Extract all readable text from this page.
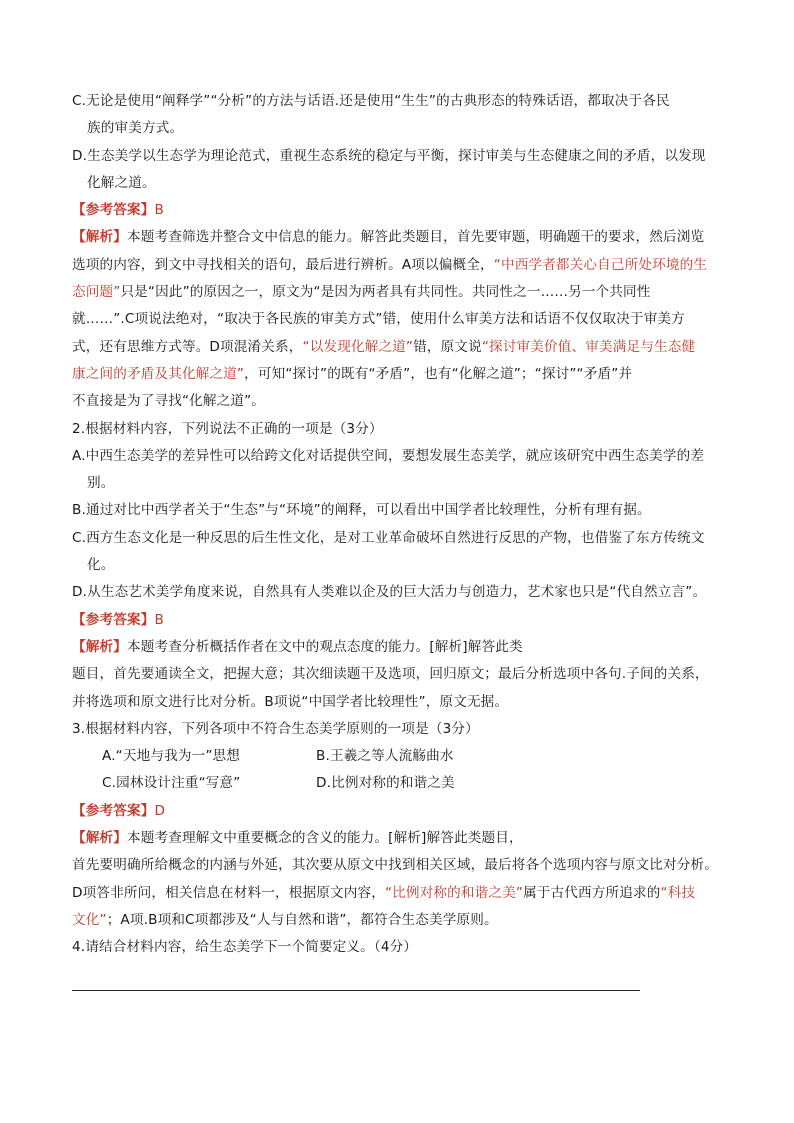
C.无论是使用“阐释学”“分析”的方法与话语.还是使用“生生”的古典形态的特殊话语，都取决于各民
族的审美方式。
D.生态美学以生态学为理论范式，重视生态系统的稳定与平衡，探讨审美与生态健康之间的矛盾，以发现
化解之道。
【参考答案】B
【解析】本题考查筛选并整合文中信息的能力。解答此类题目，首先要审题，明确题干的要求，然后浏览
选项的内容，到文中寻找相关的语句，最后进行辨析。A项以偏概全，“中西学者都关心自己所处环境的生
态问题”只是“因此”的原因之一，原文为“是因为两者具有共同性。共同性之一……另一个共同性
就……”.C项说法绝对，“取决于各民族的审美方式”错，使用什么审美方法和话语不仅仅取决于审美方
式，还有思维方式等。D项混淆关系，“以发现化解之道”错，原文说“探讨审美价值、审美满足与生态健
康之间的矛盾及其化解之道”，可知“探讨”的既有“矛盾”，也有“化解之道”；“探讨”“矛盾”并
不直接是为了寻找“化解之道”。
2.根据材料内容，下列说法不正确的一项是（3分）
A.中西生态美学的差异性可以给跨文化对话提供空间，要想发展生态美学，就应该研究中西生态美学的差
别。
B.通过对比中西学者关于“生态”与“环境”的阐释，可以看出中国学者比较理性，分析有理有据。
C.西方生态文化是一种反思的后生性文化，是对工业革命破坏自然进行反思的产物，也借鉴了东方传统文
化。
D.从生态艺术美学角度来说，自然具有人类难以企及的巨大活力与创造力，艺术家也只是“代自然立言”。
【参考答案】B
【解析】本题考查分析概括作者在文中的观点态度的能力。[解析]解答此类
题目，首先要通读全文，把握大意；其次细读题干及选项，回归原文；最后分析选项中各句.子间的关系，
并将选项和原文进行比对分析。B项说“中国学者比较理性”，原文无据。
3.根据材料内容，下列各项中不符合生态美学原则的一项是（3分）
A.“天地与我为一”思想	B.王羲之等人流觞曲水
C.园林设计注重“写意”	D.比例对称的和谐之美
【参考答案】D
【解析】本题考查理解文中重要概念的含义的能力。[解析]解答此类题目，
首先要明确所给概念的内涵与外延，其次要从原文中找到相关区域，最后将各个选项内容与原文比对分析。
D项答非所问，相关信息在材料一，根据原文内容，“比例对称的和谐之美”属于古代西方所追求的“科技
文化”；A项.B项和C项都涉及“人与自然和谐”，都符合生态美学原则。
4.请结合材料内容，给生态美学下一个简要定义。（4分）
